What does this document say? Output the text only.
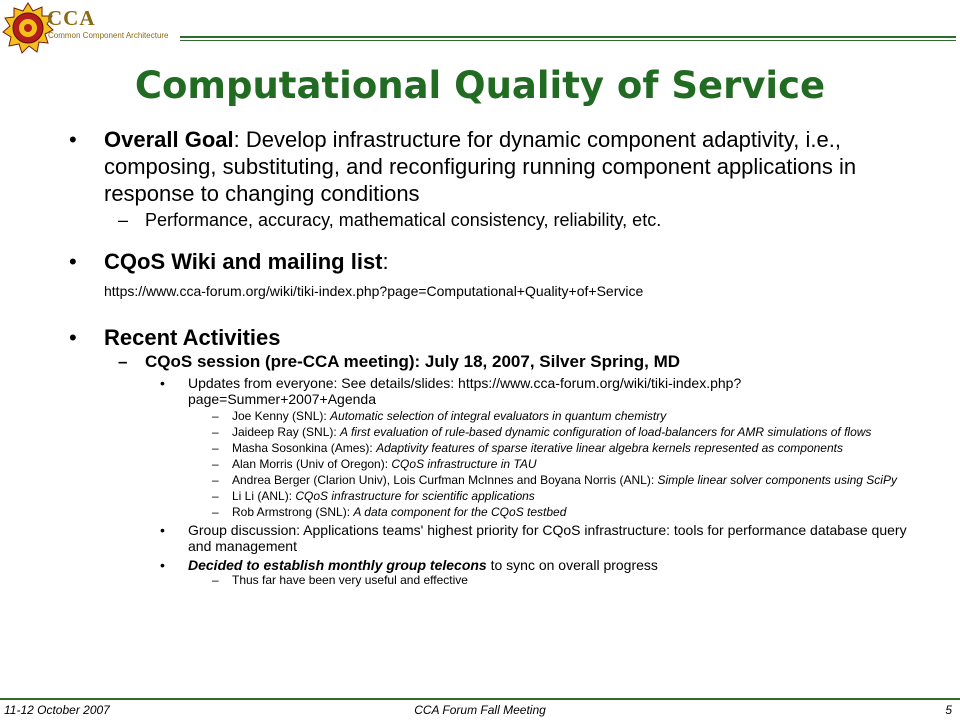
CCA
Common Component Architecture
Computational Quality of Service
• Overall Goal: Develop infrastructure for dynamic component adaptivity, i.e., composing, substituting, and reconfiguring running component applications in response to changing conditions
– Performance, accuracy, mathematical consistency, reliability, etc.
• CQoS Wiki and mailing list:
https://www.cca-forum.org/wiki/tiki-index.php?page=Computational+Quality+of+Service
• Recent Activities
– CQoS session (pre-CCA meeting): July 18, 2007, Silver Spring, MD
• Updates from everyone: See details/slides: https://www.cca-forum.org/wiki/tiki-index.php?page=Summer+2007+Agenda
– Joe Kenny (SNL): Automatic selection of integral evaluators in quantum chemistry
– Jaideep Ray (SNL): A first evaluation of rule-based dynamic configuration of load-balancers for AMR simulations of flows
– Masha Sosonkina (Ames): Adaptivity features of sparse iterative linear algebra kernels represented as components
– Alan Morris (Univ of Oregon): CQoS infrastructure in TAU
– Andrea Berger (Clarion Univ), Lois Curfman McInnes and Boyana Norris (ANL): Simple linear solver components using SciPy
– Li Li (ANL): CQoS infrastructure for scientific applications
– Rob Armstrong (SNL): A data component for the CQoS testbed
• Group discussion: Applications teams' highest priority for CQoS infrastructure: tools for performance database query and management
• Decided to establish monthly group telecons to sync on overall progress
– Thus far have been very useful and effective
11-12 October 2007	CCA Forum Fall Meeting	5
